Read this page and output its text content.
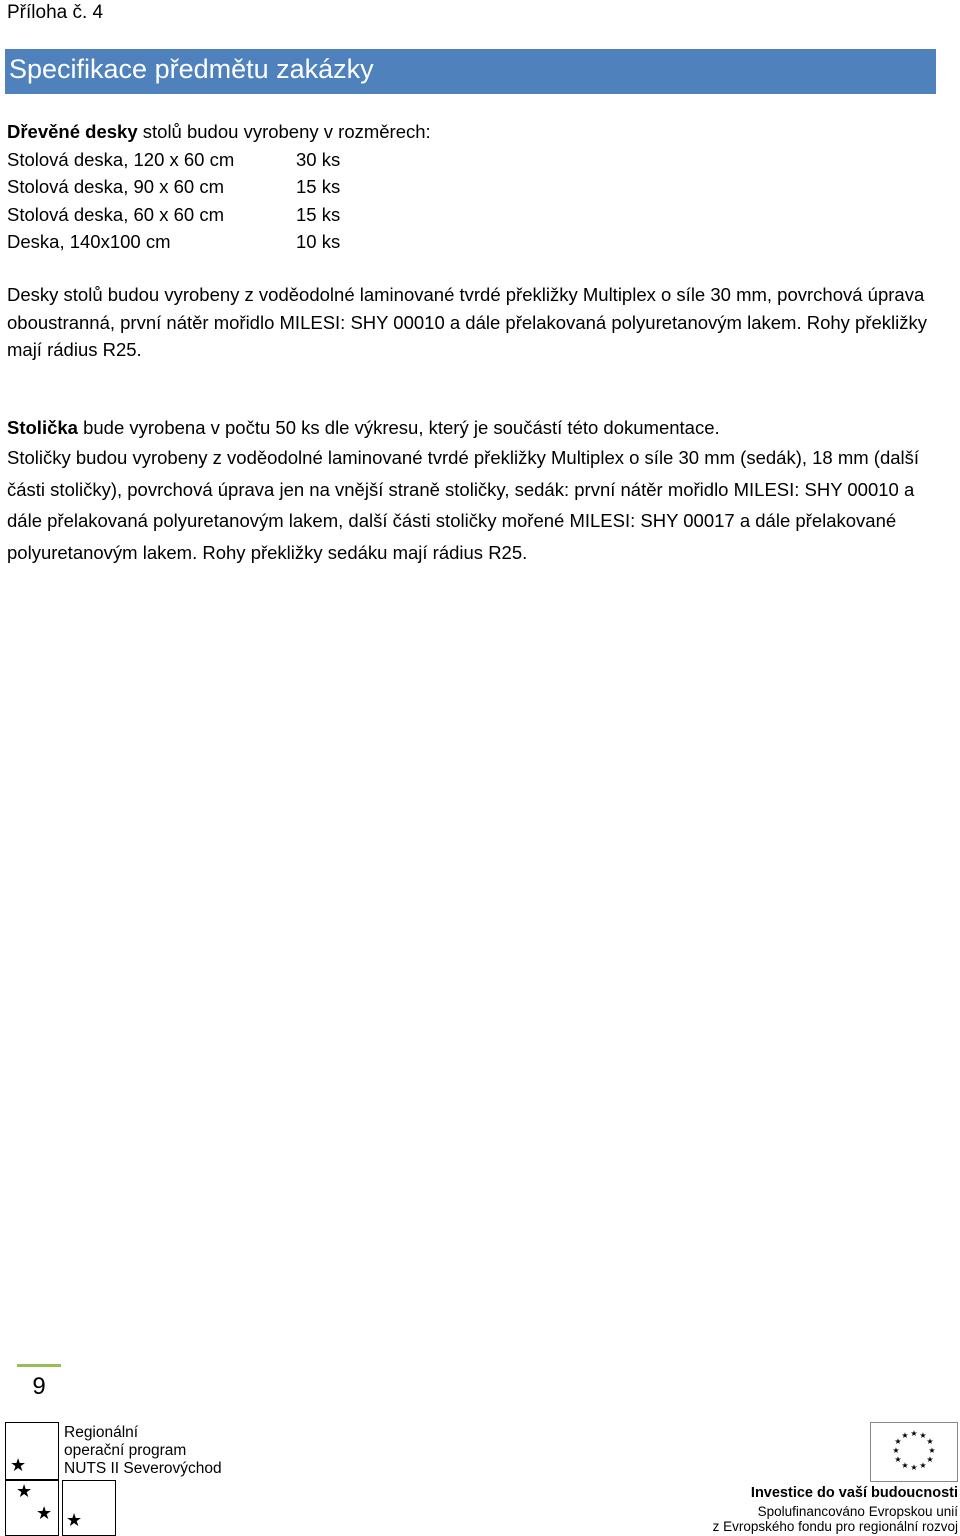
Příloha č. 4
Specifikace předmětu zakázky
Dřevěné desky stolů budou vyrobeny v rozměrech:
Stolová deska, 120 x 60 cm	30 ks
Stolová deska, 90 x 60 cm	15 ks
Stolová deska, 60 x 60 cm	15 ks
Deska, 140x100 cm	10 ks
Desky stolů budou vyrobeny z voděodolné laminované tvrdé překližky Multiplex o síle 30 mm, povrchová úprava oboustranná, první nátěr mořidlo MILESI: SHY 00010 a dále přelakovaná polyuretanovým lakem. Rohy překližky mají rádius R25.
Stolička bude vyrobena v počtu 50 ks dle výkresu, který je součástí této dokumentace.
Stoličky budou vyrobeny z voděodolné laminované tvrdé překližky Multiplex o síle 30 mm (sedák), 18 mm (další části stoličky), povrchová úprava jen na vnější straně stoličky, sedák: první nátěr mořidlo MILESI: SHY 00010 a dále přelakovaná polyuretanovým lakem, další části stoličky mořené MILESI: SHY 00017 a dále přelakované polyuretanovým lakem. Rohy překližky sedáku mají rádius R25.
9
★
★
★ ★
Regionální
operační program
NUTS II Severovýchod
★ ★
★
★
★
★
★
★
★
★
★
★
Investice do vaší budoucnosti
Spolufinancováno Evropskou unií
z Evropského fondu pro regionální rozvoj
